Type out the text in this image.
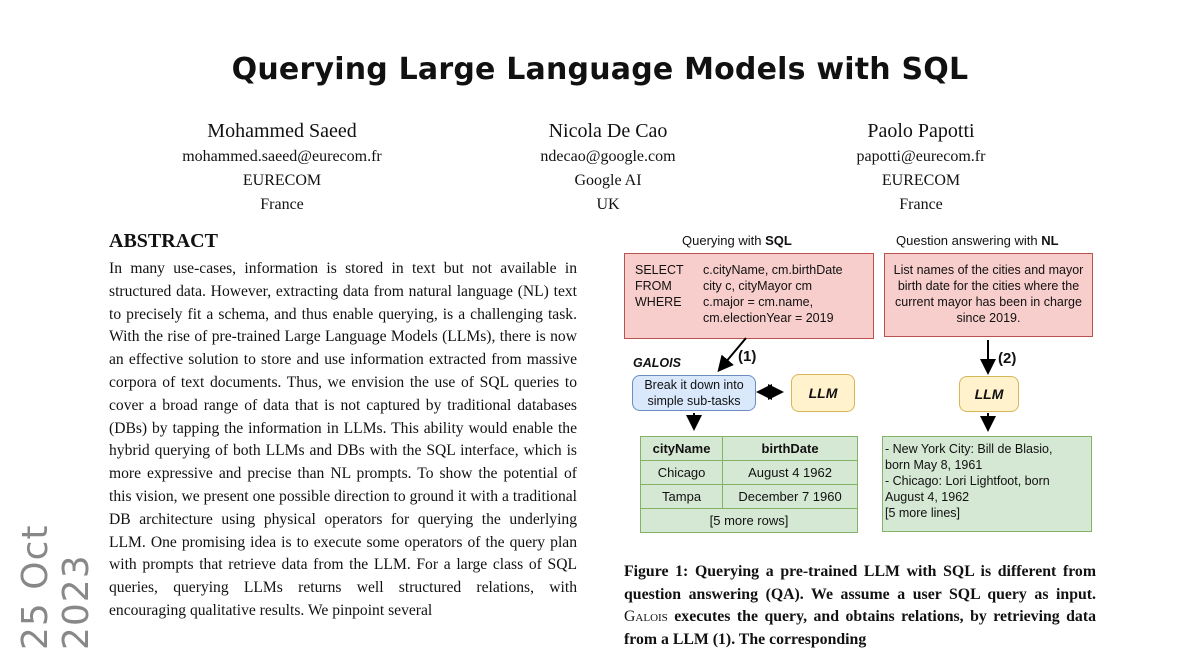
Querying Large Language Models with SQL
Mohammed Saeed
mohammed.saeed@eurecom.fr
EURECOM
France
Nicola De Cao
ndecao@google.com
Google AI
UK
Paolo Papotti
papotti@eurecom.fr
EURECOM
France
25 Oct 2023
ABSTRACT
In many use-cases, information is stored in text but not available in structured data. However, extracting data from natural language (NL) text to precisely fit a schema, and thus enable querying, is a challenging task. With the rise of pre-trained Large Language Models (LLMs), there is now an effective solution to store and use information extracted from massive corpora of text documents. Thus, we envision the use of SQL queries to cover a broad range of data that is not captured by traditional databases (DBs) by tapping the information in LLMs. This ability would enable the hybrid querying of both LLMs and DBs with the SQL interface, which is more expressive and precise than NL prompts. To show the potential of this vision, we present one possible direction to ground it with a traditional DB architecture using physical operators for querying the underlying LLM. One promising idea is to execute some operators of the query plan with prompts that retrieve data from the LLM. For a large class of SQL queries, querying LLMs returns well structured relations, with encouraging qualitative results. We pinpoint several
Querying with SQL	Question answering with NL
SELECT	c.cityName, cm.birthDate
FROM	city c, cityMayor cm
WHERE	c.major = cm.name,
cm.electionYear = 2019
List names of the cities and mayor birth date for the cities where the current mayor has been in charge since 2019.
GALOIS	(1)	(2)
Break it down into simple sub-tasks	LLM	LLM
cityName	birthDate
Chicago	August 4 1962
Tampa	December 7 1960
[5 more rows]	
- New York City: Bill de Blasio,
born May 8, 1961
- Chicago: Lori Lightfoot, born
August 4, 1962
[5 more lines]
Figure 1: Querying a pre-trained LLM with SQL is different from question answering (QA). We assume a user SQL query as input. Galois executes the query, and obtains relations, by retrieving data from a LLM (1). The corresponding
